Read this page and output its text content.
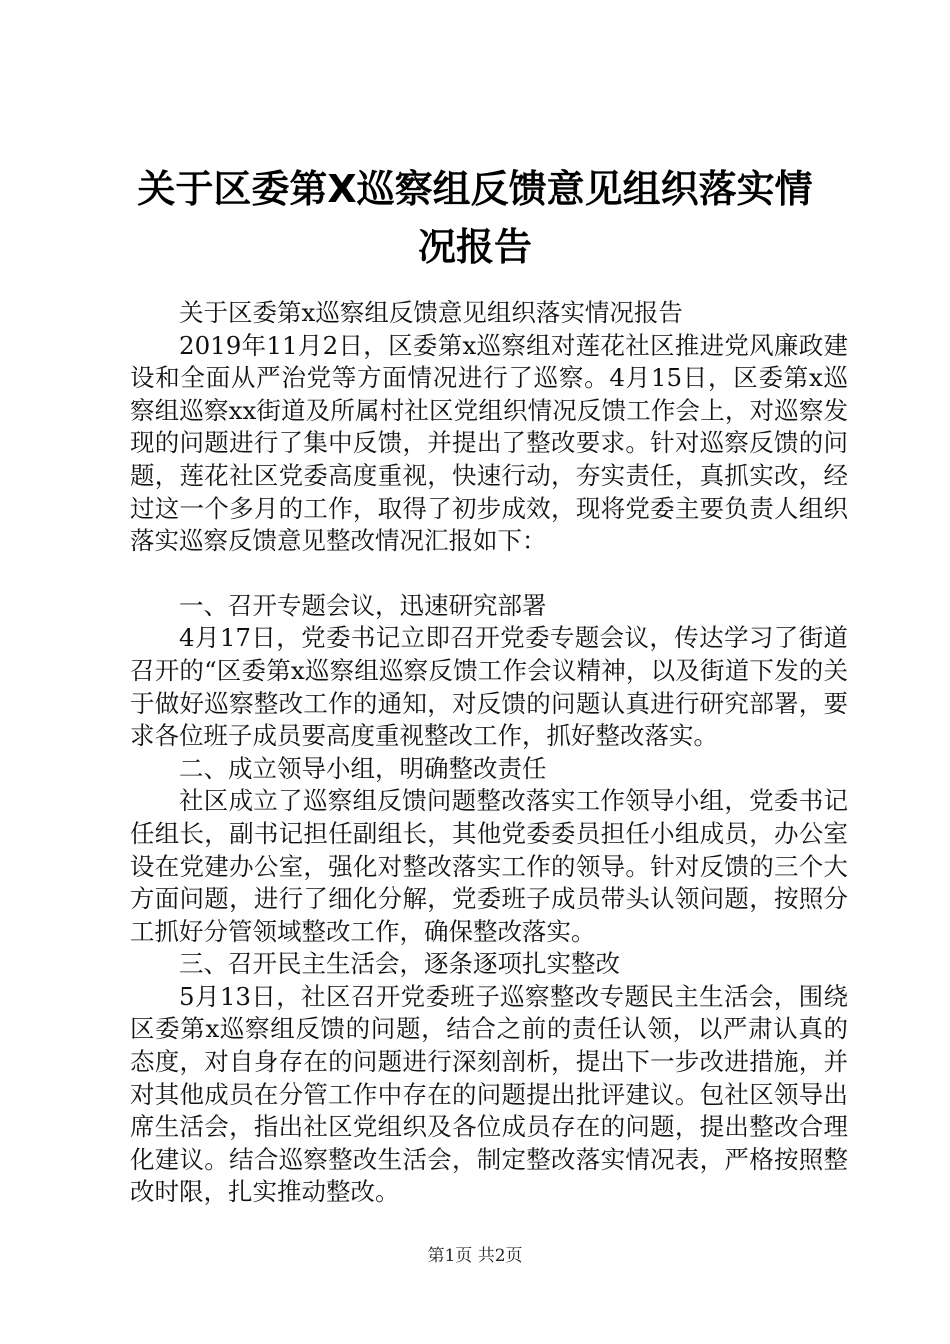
关于区委第X巡察组反馈意见组织落实情况报告

关于区委第x巡察组反馈意见组织落实情况报告

2019年11月2日，区委第x巡察组对莲花社区推进党风廉政建设和全面从严治党等方面情况进行了巡察。4月15日，区委第x巡察组巡察xx街道及所属村社区党组织情况反馈工作会上，对巡察发现的问题进行了集中反馈，并提出了整改要求。针对巡察反馈的问题，莲花社区党委高度重视，快速行动，夯实责任，真抓实改，经过这一个多月的工作，取得了初步成效，现将党委主要负责人组织落实巡察反馈意见整改情况汇报如下：

一、召开专题会议，迅速研究部署

4月17日，党委书记立即召开党委专题会议，传达学习了街道召开的“区委第x巡察组巡察反馈工作会议精神，以及街道下发的关于做好巡察整改工作的通知，对反馈的问题认真进行研究部署，要求各位班子成员要高度重视整改工作，抓好整改落实。

二、成立领导小组，明确整改责任

社区成立了巡察组反馈问题整改落实工作领导小组，党委书记任组长，副书记担任副组长，其他党委委员担任小组成员，办公室设在党建办公室，强化对整改落实工作的领导。针对反馈的三个大方面问题，进行了细化分解，党委班子成员带头认领问题，按照分工抓好分管领域整改工作，确保整改落实。

三、召开民主生活会，逐条逐项扎实整改

5月13日，社区召开党委班子巡察整改专题民主生活会，围绕区委第x巡察组反馈的问题，结合之前的责任认领，以严肃认真的态度，对自身存在的问题进行深刻剖析，提出下一步改进措施，并对其他成员在分管工作中存在的问题提出批评建议。包社区领导出席生活会，指出社区党组织及各位成员存在的问题，提出整改合理化建议。结合巡察整改生活会，制定整改落实情况表，严格按照整改时限，扎实推动整改。

第1页 共2页
